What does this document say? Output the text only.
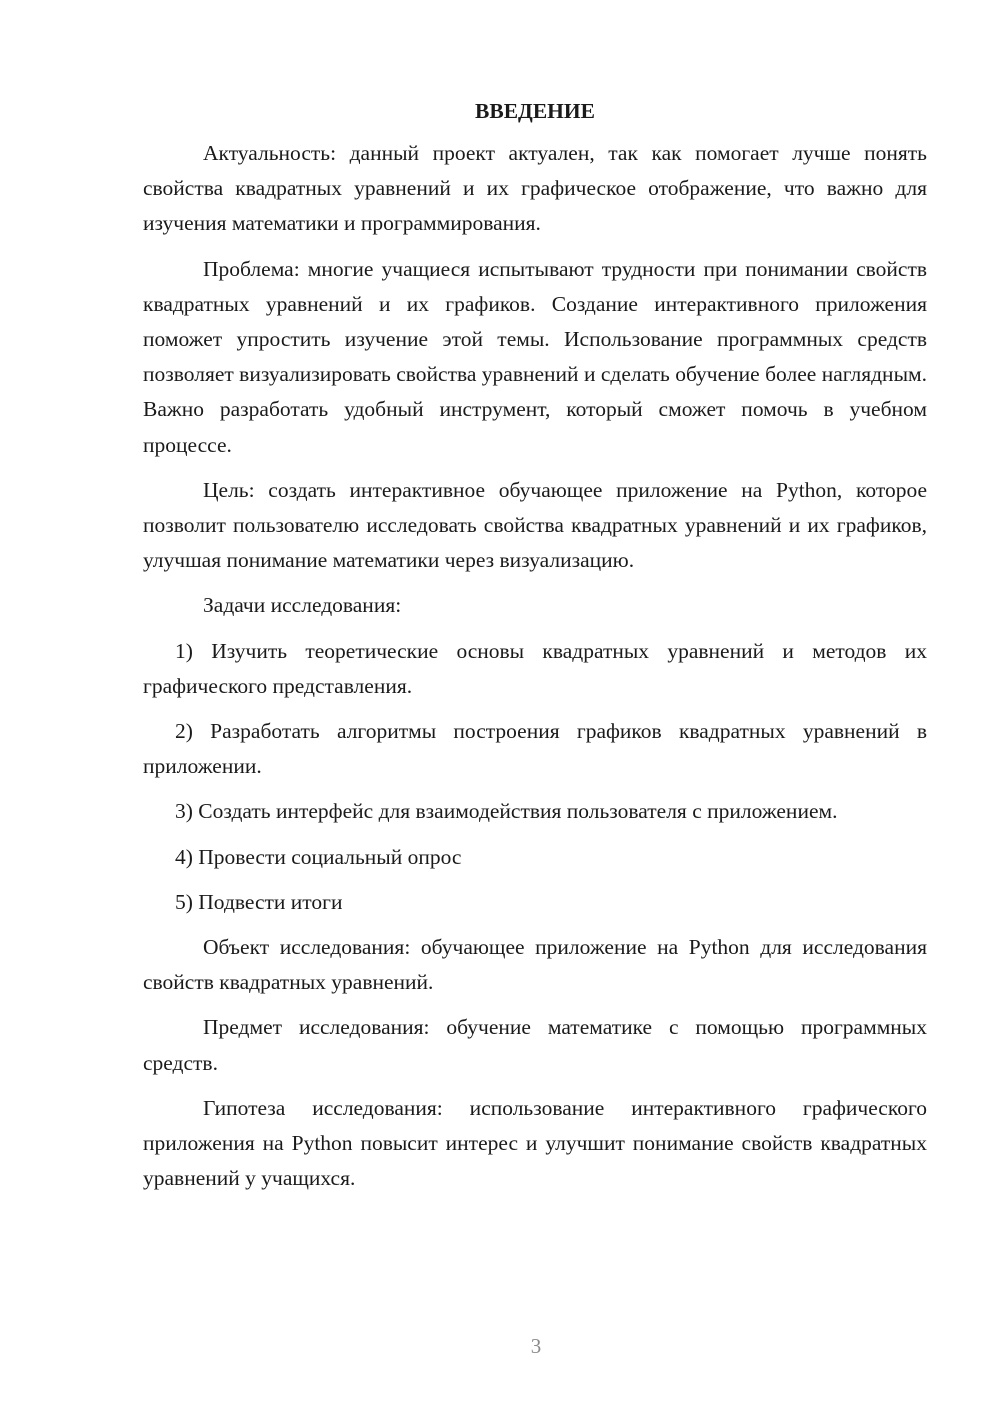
ВВЕДЕНИЕ

Актуальность: данный проект актуален, так как помогает лучше понять свойства квадратных уравнений и их графическое отображение, что важно для изучения математики и программирования.

Проблема: многие учащиеся испытывают трудности при понимании свойств квадратных уравнений и их графиков. Создание интерактивного приложения поможет упростить изучение этой темы. Использование программных средств позволяет визуализировать свойства уравнений и сделать обучение более наглядным. Важно разработать удобный инструмент, который сможет помочь в учебном процессе.

Цель: создать интерактивное обучающее приложение на Python, которое позволит пользователю исследовать свойства квадратных уравнений и их графиков, улучшая понимание математики через визуализацию.

Задачи исследования:

1) Изучить теоретические основы квадратных уравнений и методов их графического представления.

2) Разработать алгоритмы построения графиков квадратных уравнений в приложении.

3) Создать интерфейс для взаимодействия пользователя с приложением.

4) Провести социальный опрос

5) Подвести итоги

Объект исследования: обучающее приложение на Python для исследования свойств квадратных уравнений.

Предмет исследования: обучение математике с помощью программных средств.

Гипотеза исследования: использование интерактивного графического приложения на Python повысит интерес и улучшит понимание свойств квадратных уравнений у учащихся.

3
